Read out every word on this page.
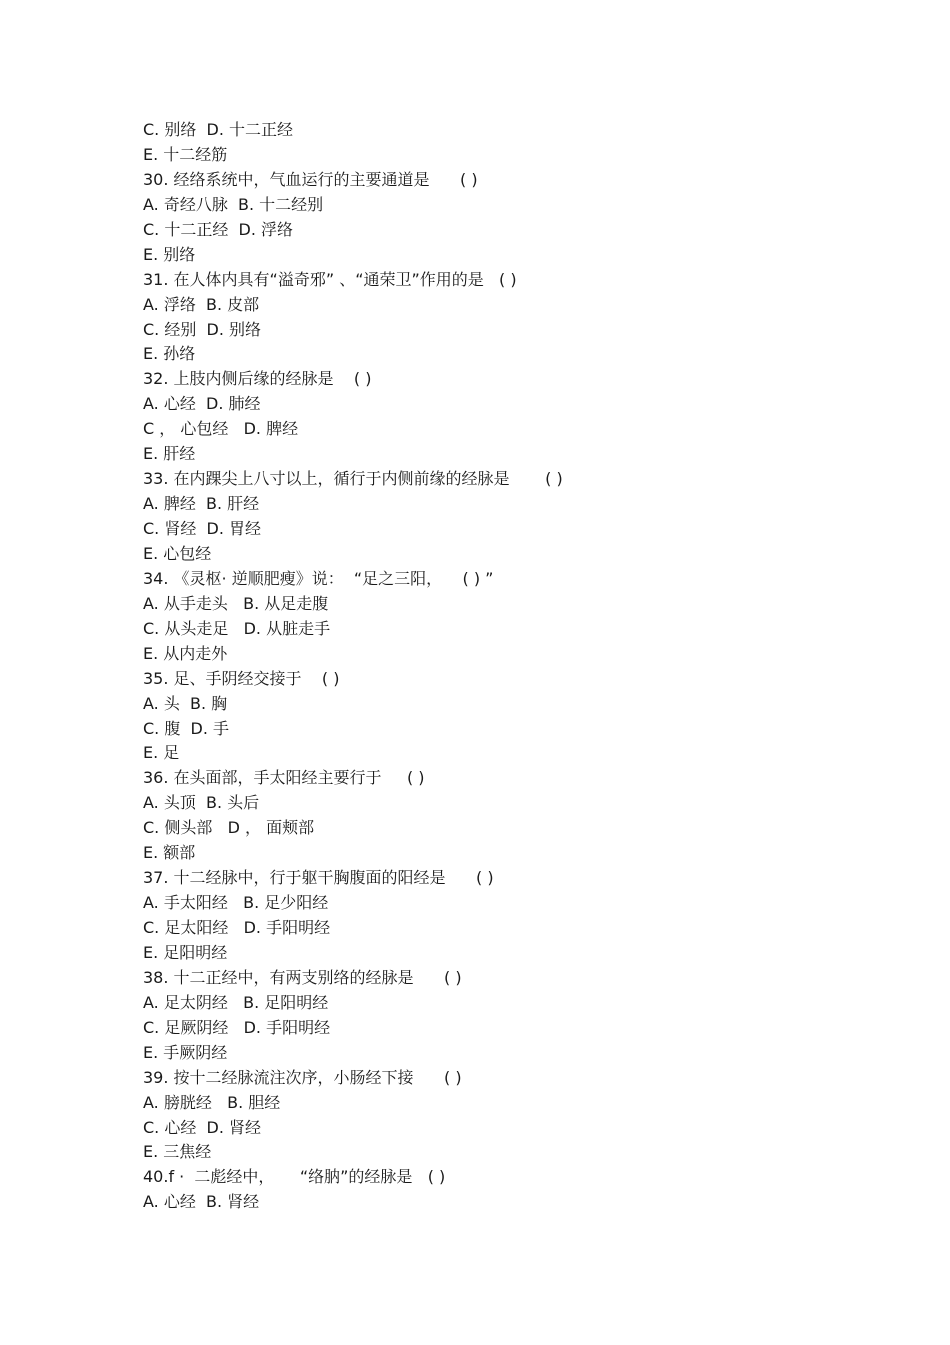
C. 别络  D. 十二正经
E. 十二经筋
30. 经络系统中，气血运行的主要通道是      ( )
A. 奇经八脉  B. 十二经别
C. 十二正经  D. 浮络
E. 别络
31. 在人体内具有“溢奇邪” 、“通荣卫”作用的是   ( )
A. 浮络  B. 皮部
C. 经别  D. 别络
E. 孙络
32. 上肢内侧后缘的经脉是    ( )
A. 心经  D. 肺经
C ， 心包经   D. 脾经
E. 肝经
33. 在内踝尖上八寸以上，循行于内侧前缘的经脉是       ( )
A. 脾经  B. 肝经
C. 肾经  D. 胃经
E. 心包经
34. 《灵枢· 逆顺肥瘦》说：  “足之三阳，    ( ) ”
A. 从手走头   B. 从足走腹
C. 从头走足   D. 从脏走手
E. 从内走外
35. 足、手阴经交接于    ( )
A. 头  B. 胸
C. 腹  D. 手
E. 足
36. 在头面部，手太阳经主要行于     ( )
A. 头顶  B. 头后
C. 侧头部   D ， 面颊部
E. 额部
37. 十二经脉中，行于躯干胸腹面的阳经是      ( )
A. 手太阳经   B. 足少阳经
C. 足太阳经   D. 手阳明经
E. 足阳明经
38. 十二正经中，有两支别络的经脉是      ( )
A. 足太阴经   B. 足阳明经
C. 足厥阴经   D. 手阳明经
E. 手厥阴经
39. 按十二经脉流注次序，小肠经下接      ( )
A. 膀胱经   B. 胆经
C. 心经  D. 肾经
E. 三焦经
40.f ·  二彪经中，     “络肭”的经脉是   ( )
A. 心经  B. 肾经
